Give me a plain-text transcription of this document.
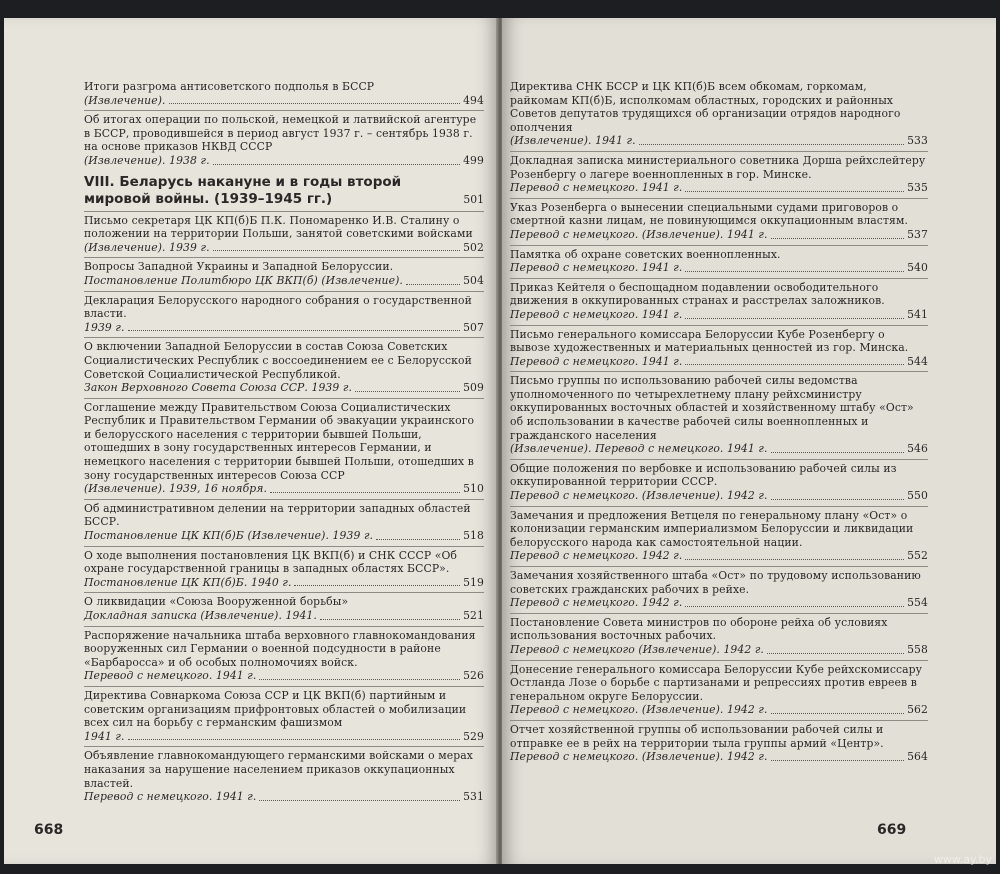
Итоги разгрома антисоветского подполья в БССР
(Извлечение).	494
Об итогах операции по польской, немецкой и латвийской агентуре в БССР, проводившейся в период август 1937 г. – сентябрь 1938 г. на основе приказов НКВД СССР
(Извлечение). 1938 г.	499
VIII. Беларусь накануне и в годы второй мировой войны. (1939–1945 гг.)	501
Письмо секретаря ЦК КП(б)Б П.К. Пономаренко И.В. Сталину о положении на территории Польши, занятой советскими войсками
(Извлечение). 1939 г.	502
Вопросы Западной Украины и Западной Белоруссии.
Постановление Политбюро ЦК ВКП(б) (Извлечение).	504
Декларация Белорусского народного собрания о государственной власти.
1939 г.	507
О включении Западной Белоруссии в состав Союза Советских Социалистических Республик с воссоединением ее с Белорусской Советской Социалистической Республикой.
Закон Верховного Совета Союза ССР. 1939 г.	509
Соглашение между Правительством Союза Социалистических Республик и Правительством Германии об эвакуации украинского и белорусского населения с территории бывшей Польши, отошедших в зону государственных интересов Германии, и немецкого населения с территории бывшей Польши, отошедших в зону государственных интересов Союза ССР
(Извлечение). 1939, 16 ноября.	510
Об административном делении на территории западных областей БССР.
Постановление ЦК КП(б)Б (Извлечение). 1939 г.	518
О ходе выполнения постановления ЦК ВКП(б) и СНК СССР «Об охране государственной границы в западных областях БССР».
Постановление ЦК КП(б)Б. 1940 г.	519
О ликвидации «Союза Вооруженной борьбы»
Докладная записка (Извлечение). 1941.	521
Распоряжение начальника штаба верховного главнокомандования вооруженных сил Германии о военной подсудности в районе «Барбаросса» и об особых полномочиях войск.
Перевод с немецкого. 1941 г.	526
Директива Совнаркома Союза ССР и ЦК ВКП(б) партийным и советским организациям прифронтовых областей о мобилизации всех сил на борьбу с германским фашизмом
1941 г.	529
Объявление главнокомандующего германскими войсками о мерах наказания за нарушение населением приказов оккупационных властей.
Перевод с немецкого. 1941 г.	531
668
Директива СНК БССР и ЦК КП(б)Б всем обкомам, горкомам, райкомам КП(б)Б, исполкомам областных, городских и районных Советов депутатов трудящихся об организации отрядов народного ополчения
(Извлечение). 1941 г.	533
Докладная записка министериального советника Дорша рейхслейтеру Розенбергу о лагере военнопленных в гор. Минске.
Перевод с немецкого. 1941 г.	535
Указ Розенберга о вынесении специальными судами приговоров о смертной казни лицам, не повинующимся оккупационным властям.
Перевод с немецкого. (Извлечение). 1941 г.	537
Памятка об охране советских военнопленных.
Перевод с немецкого. 1941 г.	540
Приказ Кейтеля о беспощадном подавлении освободительного движения в оккупированных странах и расстрелах заложников.
Перевод с немецкого. 1941 г.	541
Письмо генерального комиссара Белоруссии Кубе Розенбергу о вывозе художественных и материальных ценностей из гор. Минска.
Перевод с немецкого. 1941 г.	544
Письмо группы по использованию рабочей силы ведомства уполномоченного по четырехлетнему плану рейхсминистру оккупированных восточных областей и хозяйственному штабу «Ост» об использовании в качестве рабочей силы военнопленных и гражданского населения
(Извлечение). Перевод с немецкого. 1941 г.	546
Общие положения по вербовке и использованию рабочей силы из оккупированной территории СССР.
Перевод с немецкого. (Извлечение). 1942 г.	550
Замечания и предложения Ветцеля по генеральному плану «Ост» о колонизации германским империализмом Белоруссии и ликвидации белорусского народа как самостоятельной нации.
Перевод с немецкого. 1942 г.	552
Замечания хозяйственного штаба «Ост» по трудовому использованию советских гражданских рабочих в рейхе.
Перевод с немецкого. 1942 г.	554
Постановление Совета министров по обороне рейха об условиях использования восточных рабочих.
Перевод с немецкого (Извлечение). 1942 г.	558
Донесение генерального комиссара Белоруссии Кубе рейхскомиссару Остланда Лозе о борьбе с партизанами и репрессиях против евреев в генеральном округе Белоруссии.
Перевод с немецкого. (Извлечение). 1942 г.	562
Отчет хозяйственной группы об использовании рабочей силы и отправке ее в рейх на территории тыла группы армий «Центр».
Перевод с немецкого. (Извлечение). 1942 г.	564
669
www.ay.by
